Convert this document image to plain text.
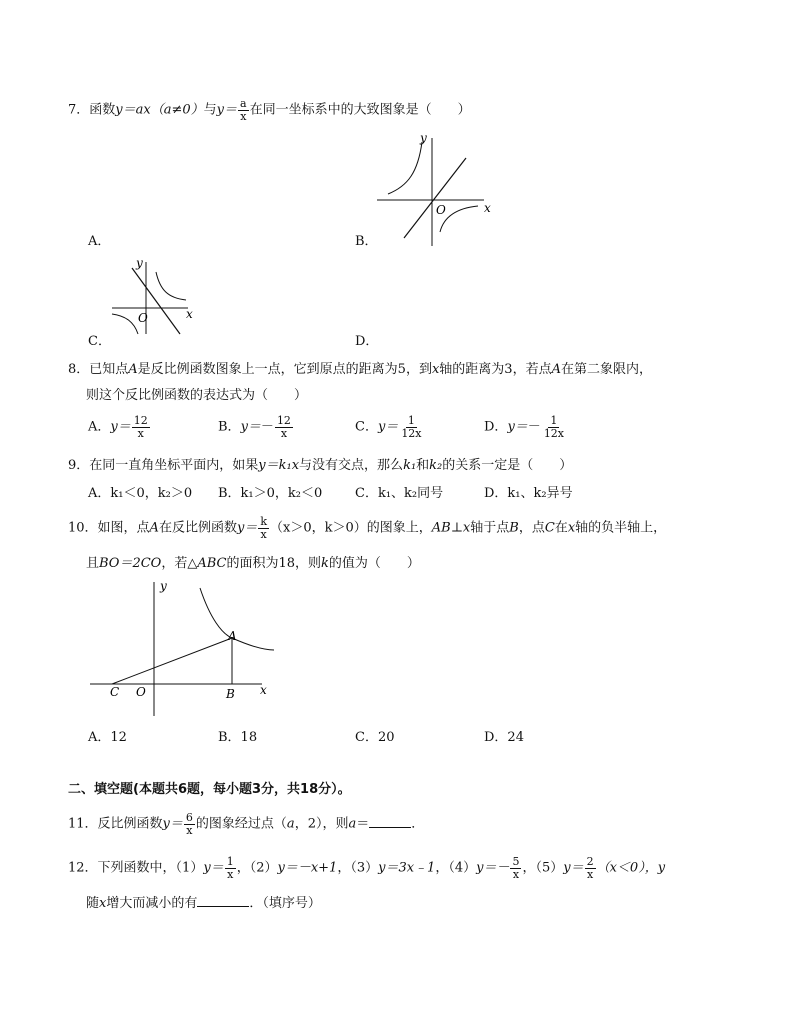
7．函数y＝ax（a≠0）与$y= \frac{a}{x}$ 在同一坐标系中的大致图象是（　　）
A．
y
x
O
B．
y
x
O
C．	D．
8．已知点A是反比例函数图象上一点，它到原点的距离为5，到x轴的距离为3，若点A在第二象限内，
则这个反比例函数的表达式为（　　）
A．$y= \frac{12}{x}$	B．$y=- \frac{12}{x}$	C．$y= \frac{1}{12x}$	D．$y=- \frac{1}{12x}$
9．在同一直角坐标平面内，如果y＝k₁x与没有交点，那么k₁和k₂的关系一定是（　　）
A．k₁＜0，k₂＞0 B．k₁＞0，k₂＜0	C．k₁、k₂同号	D．k₁、k₂异号
10．如图，点A在反比例函数$y= \frac{k}{x} (x>0$，k＞0）的图象上，AB⊥x轴于点B，点C在x轴的负半轴上，
且BO＝2CO，若△ABC的面积为18，则k的值为（　　）
y
x
A
B
C O
A．12	B．18	C．20	D．24
二、填空题(本题共6题，每小题3分，共18分）。
11．反比例函数$y= \frac{6}{x}$ 的图象经过点（a，2），则a＝	．
12．下列函数中，$(1)y= \frac{1}{x}$ ，（2）y＝－x+1，（3）y＝3x﹣1，$(4)y=- \frac{5}{x}$ ，$(5)y= \frac{2}{x} (x<0)$，y
随x增大而减小的有	．（填序号）
